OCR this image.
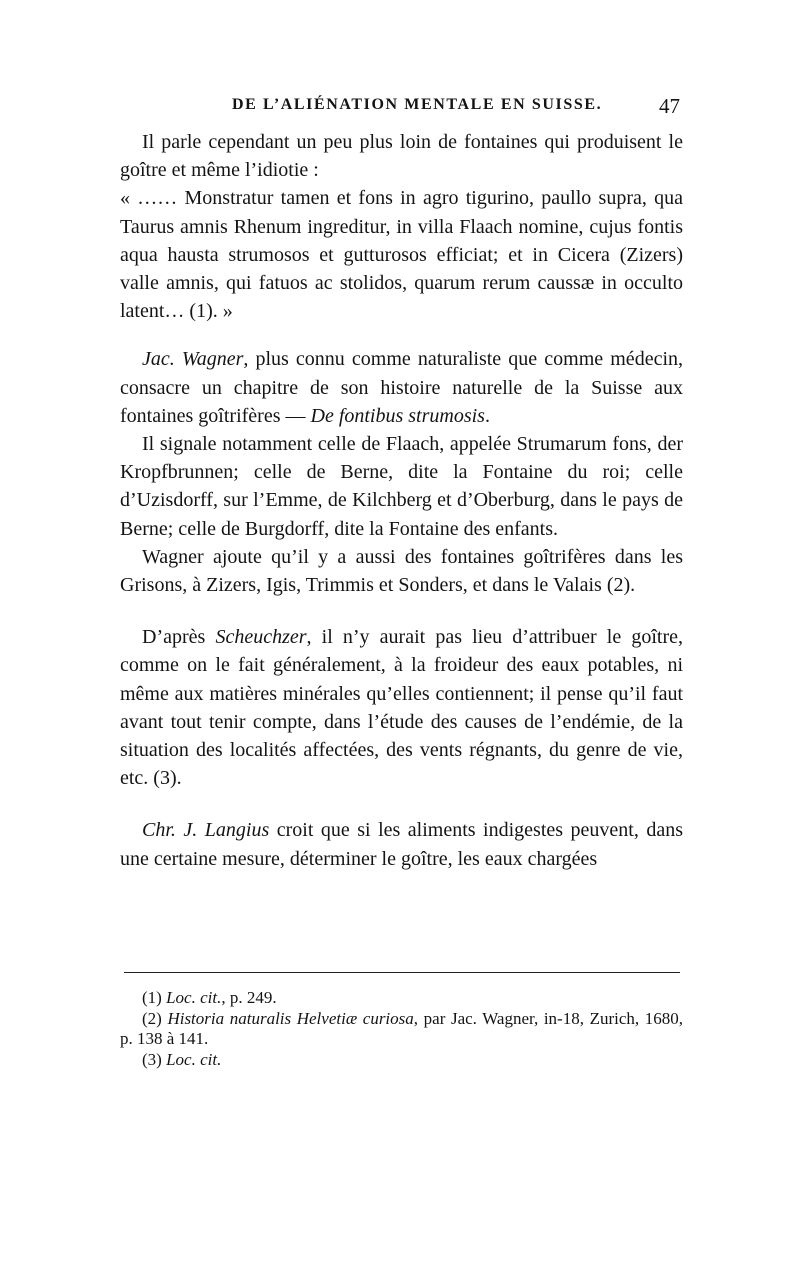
DE L’ALIÉNATION MENTALE EN SUISSE.	47

Il parle cependant un peu plus loin de fontaines qui produisent le goître et même l’idiotie :

« …… Monstratur tamen et fons in agro tigurino, paullo supra, qua Taurus amnis Rhenum ingreditur, in villa Flaach nomine, cujus fontis aqua hausta strumosos et gutturosos efficiat; et in Cicera (Zizers) valle amnis, qui fatuos ac stolidos, quarum rerum caussæ in occulto latent… (1). »

Jac. Wagner, plus connu comme naturaliste que comme médecin, consacre un chapitre de son histoire naturelle de la Suisse aux fontaines goîtrifères — De fontibus strumosis.

Il signale notamment celle de Flaach, appelée Strumarum fons, der Kropfbrunnen; celle de Berne, dite la Fontaine du roi; celle d’Uzisdorff, sur l’Emme, de Kilchberg et d’Oberburg, dans le pays de Berne; celle de Burgdorff, dite la Fontaine des enfants.

Wagner ajoute qu’il y a aussi des fontaines goîtrifères dans les Grisons, à Zizers, Igis, Trimmis et Sonders, et dans le Valais (2).

D’après Scheuchzer, il n’y aurait pas lieu d’attribuer le goître, comme on le fait généralement, à la froideur des eaux potables, ni même aux matières minérales qu’elles contiennent; il pense qu’il faut avant tout tenir compte, dans l’étude des causes de l’endémie, de la situation des localités affectées, des vents régnants, du genre de vie, etc. (3).

Chr. J. Langius croit que si les aliments indigestes peuvent, dans une certaine mesure, déterminer le goître, les eaux chargées

(1) Loc. cit., p. 249.

(2) Historia naturalis Helvetiæ curiosa, par Jac. Wagner, in-18, Zurich, 1680, p. 138 à 141.

(3) Loc. cit.
